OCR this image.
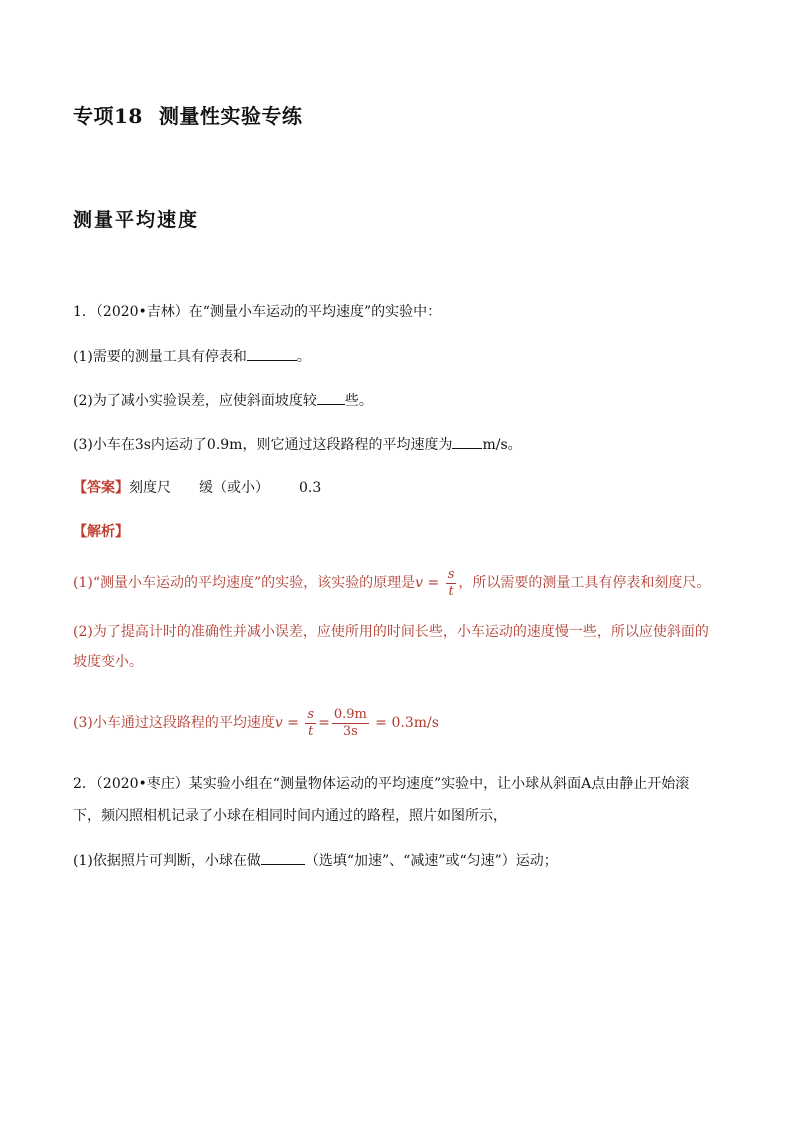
专项18 测量性实验专练
测量平均速度
1．（2020•吉林）在“测量小车运动的平均速度”的实验中：
(1)需要的测量工具有停表和	。
(2)为了减小实验误差，应使斜面坡度较 些。
(3)小车在3s内运动了0.9m，则它通过这段路程的平均速度为 m/s。
【答案】刻度尺 缓（或小） 0.3
【解析】
(1)“测量小车运动的平均速度”的实验，该实验的原理是$v = \frac{s}{t}$ ，所以需要的测量工具有停表和刻度尺。
(2)为了提高计时的准确性并减小误差，应使所用的时间长些，小车运动的速度慢一些，所以应使斜面的
坡度变小。
(3)小车通过这段路程的平均速度$v = \frac{s}{t} = \frac{0.9m}{3s} = 0.3m/s$
2．（2020•枣庄）某实验小组在“测量物体运动的平均速度”实验中，让小球从斜面A点由静止开始滚
下，频闪照相机记录了小球在相同时间内通过的路程，照片如图所示，
(1)依据照片可判断，小球在做	（选填“加速”、“减速”或“匀速”）运动；
